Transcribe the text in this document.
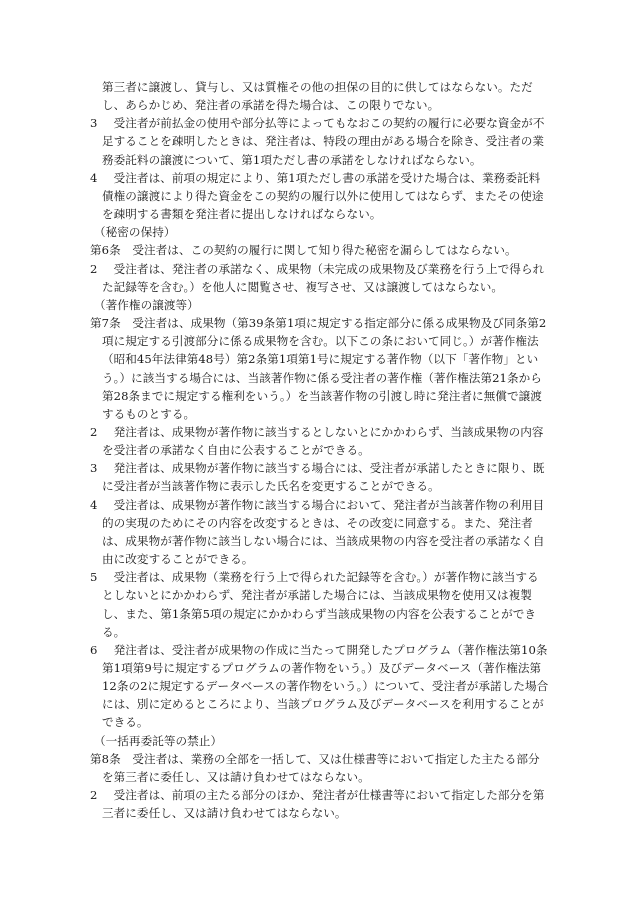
第三者に譲渡し、貸与し、又は質権その他の担保の目的に供してはならない。ただし、あらかじめ、発注者の承諾を得た場合は、この限りでない。
3 　受注者が前払金の使用や部分払等によってもなおこの契約の履行に必要な資金が不足することを疎明したときは、発注者は、特段の理由がある場合を除き、受注者の業務委託料の譲渡について、第1項ただし書の承諾をしなければならない。
4 　受注者は、前項の規定により、第1項ただし書の承諾を受けた場合は、業務委託料債権の譲渡により得た資金をこの契約の履行以外に使用してはならず、またその使途を疎明する書類を発注者に提出しなければならない。
（秘密の保持）
第6条 　受注者は、この契約の履行に関して知り得た秘密を漏らしてはならない。
2 　受注者は、発注者の承諾なく、成果物（未完成の成果物及び業務を行う上で得られた記録等を含む。）を他人に閲覧させ、複写させ、又は譲渡してはならない。
（著作権の譲渡等）
第7条 　受注者は、成果物（第39条第1項に規定する指定部分に係る成果物及び同条第2項に規定する引渡部分に係る成果物を含む。以下この条において同じ。）が著作権法（昭和45年法律第48号）第2条第1項第1号に規定する著作物（以下「著作物」という。）に該当する場合には、当該著作物に係る受注者の著作権（著作権法第21条から第28条までに規定する権利をいう。）を当該著作物の引渡し時に発注者に無償で譲渡するものとする。
2 　発注者は、成果物が著作物に該当するとしないとにかかわらず、当該成果物の内容を受注者の承諾なく自由に公表することができる。
3 　発注者は、成果物が著作物に該当する場合には、受注者が承諾したときに限り、既に受注者が当該著作物に表示した氏名を変更することができる。
4 　受注者は、成果物が著作物に該当する場合において、発注者が当該著作物の利用目的の実現のためにその内容を改変するときは、その改変に同意する。また、発注者は、成果物が著作物に該当しない場合には、当該成果物の内容を受注者の承諾なく自由に改変することができる。
5 　受注者は、成果物（業務を行う上で得られた記録等を含む。）が著作物に該当するとしないとにかかわらず、発注者が承諾した場合には、当該成果物を使用又は複製し、また、第1条第5項の規定にかかわらず当該成果物の内容を公表することができる。
6 　発注者は、受注者が成果物の作成に当たって開発したプログラム（著作権法第10条第1項第9号に規定するプログラムの著作物をいう。）及びデータベース（著作権法第12条の2に規定するデータベースの著作物をいう。）について、受注者が承諾した場合には、別に定めるところにより、当該プログラム及びデータベースを利用することができる。
（一括再委託等の禁止）
第8条 　受注者は、業務の全部を一括して、又は仕様書等において指定した主たる部分を第三者に委任し、又は請け負わせてはならない。
2 　受注者は、前項の主たる部分のほか、発注者が仕様書等において指定した部分を第三者に委任し、又は請け負わせてはならない。
